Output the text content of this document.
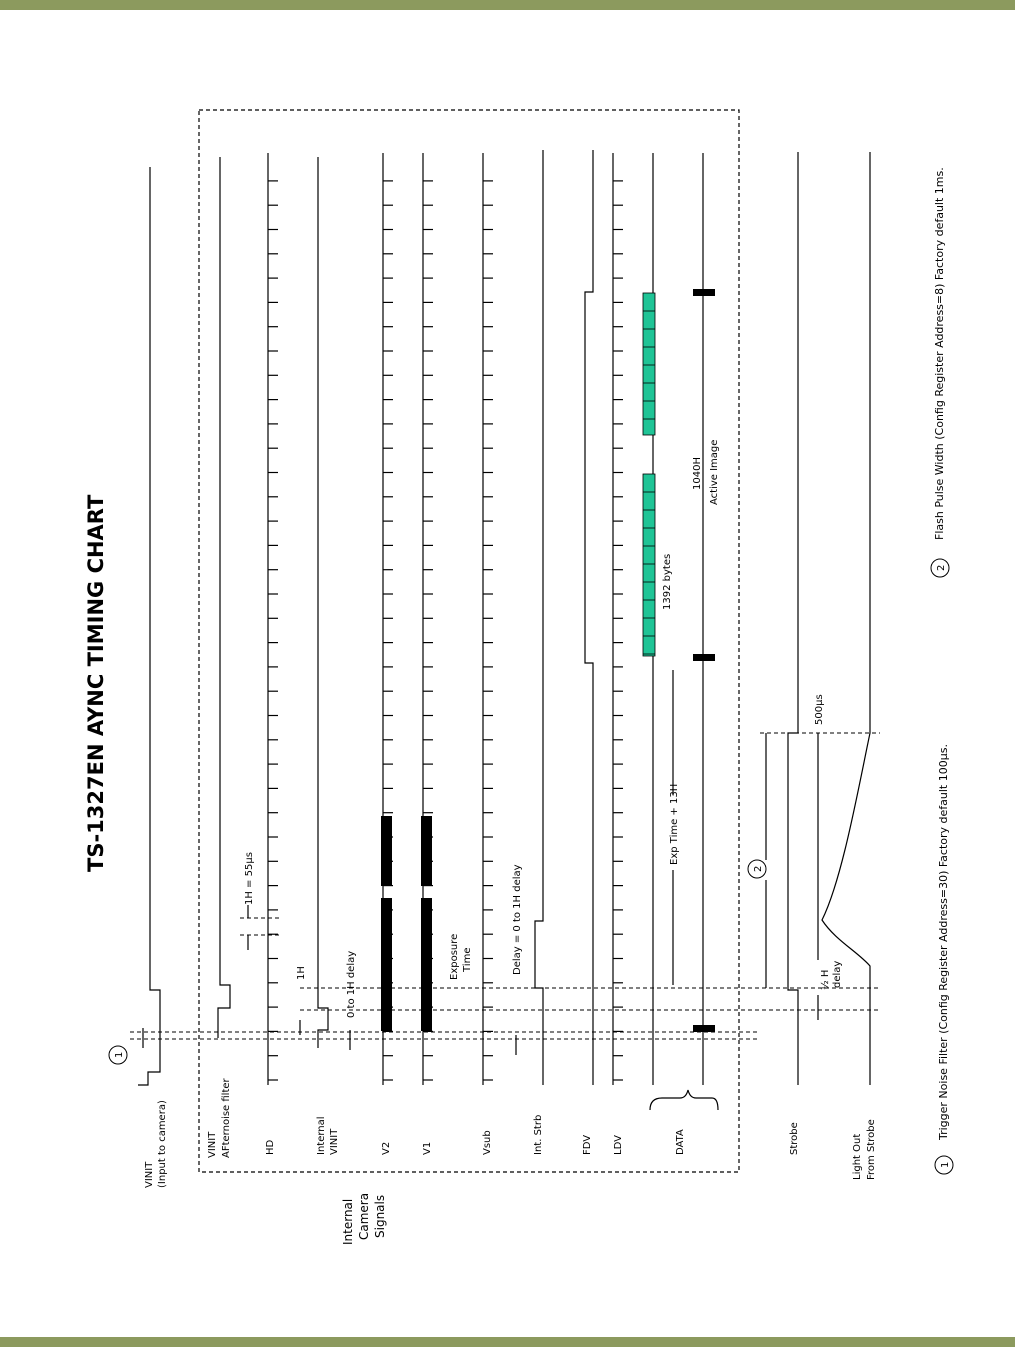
TS-1327EN AYNC TIMING CHART
Internal Camera Signals
VINIT (Input to camera)	VINIT AFternoise filter	HD	Internal VINIT	V2	V1	Vsub	Int. Strb	FDV LDV	DATA	Strobe	Light Out From Strobe
1H = 55µs
1H	0 to 1H delay	Exposure Time	Delay = 0 to 1H delay
Exp Time + 13H
1392 bytes
1040H Active Image
500µs
½ H delay
1
2
1
Trigger Noise Filter (Config Register Address=30) Factory default 100µs.
2
Flash Pulse Width (Config Register Address=8) Factory default 1ms.
